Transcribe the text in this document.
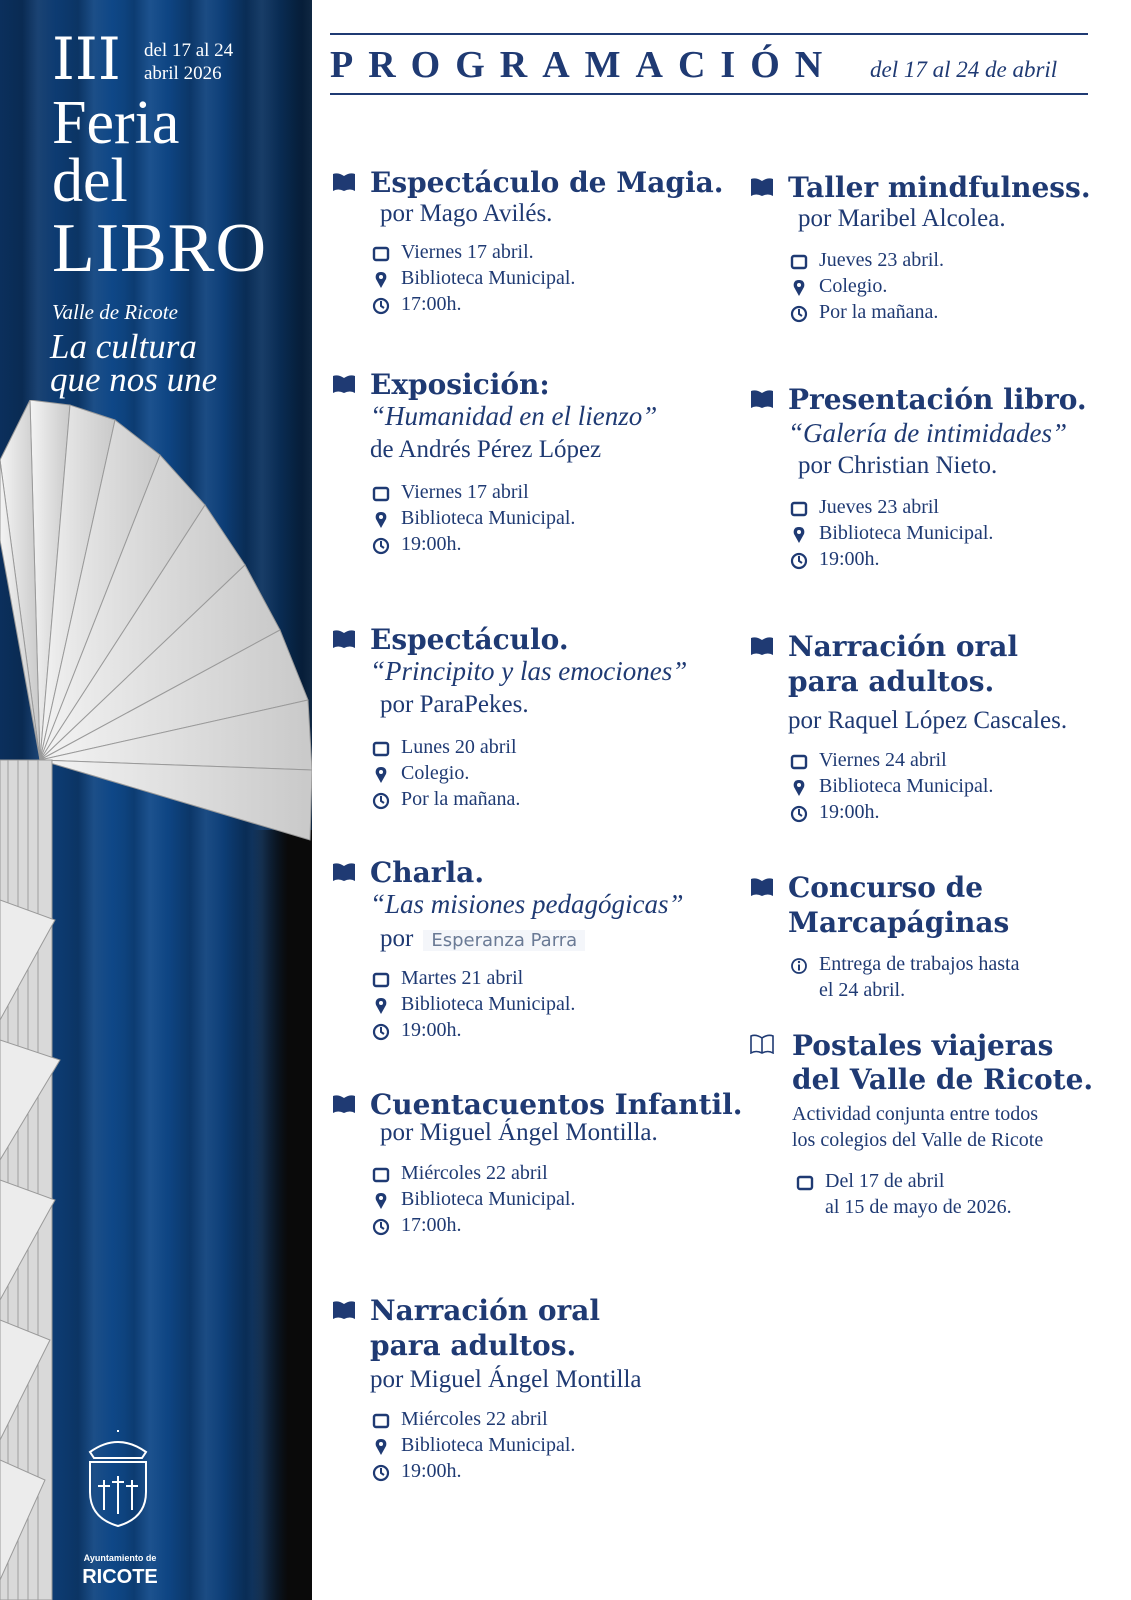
III del 17 al 24
abril 2026
Feria
del
LIBRO
Valle de Ricote
La cultura
que nos une
Ayuntamiento de
RICOTE
PROGRAMACIÓN del 17 al 24 de abril
Espectáculo de Magia.
por Mago Avilés.
Viernes 17 abril.
Biblioteca Municipal.
17:00h.
Exposición:
“Humanidad en el lienzo”
de Andrés Pérez López
Viernes 17 abril
Biblioteca Municipal.
19:00h.
Espectáculo.
“Principito y las emociones”
por ParaPekes.
Lunes 20 abril
Colegio.
Por la mañana.
Charla.
“Las misiones pedagógicas”
por Esperanza Parra
Martes 21 abril
Biblioteca Municipal.
19:00h.
Cuentacuentos Infantil.
por Miguel Ángel Montilla.
Miércoles 22 abril
Biblioteca Municipal.
17:00h.
Narración oral
para adultos.
por Miguel Ángel Montilla
Miércoles 22 abril
Biblioteca Municipal.
19:00h.
Taller mindfulness.
por Maribel Alcolea.
Jueves 23 abril.
Colegio.
Por la mañana.
Presentación libro.
“Galería de intimidades”
por Christian Nieto.
Jueves 23 abril
Biblioteca Municipal.
19:00h.
Narración oral
para adultos.
por Raquel López Cascales.
Viernes 24 abril
Biblioteca Municipal.
19:00h.
Concurso de
Marcapáginas
Entrega de trabajos hasta
el 24 abril.
Postales viajeras
del Valle de Ricote.
Actividad conjunta entre todos
los colegios del Valle de Ricote
Del 17 de abril
al 15 de mayo de 2026.
